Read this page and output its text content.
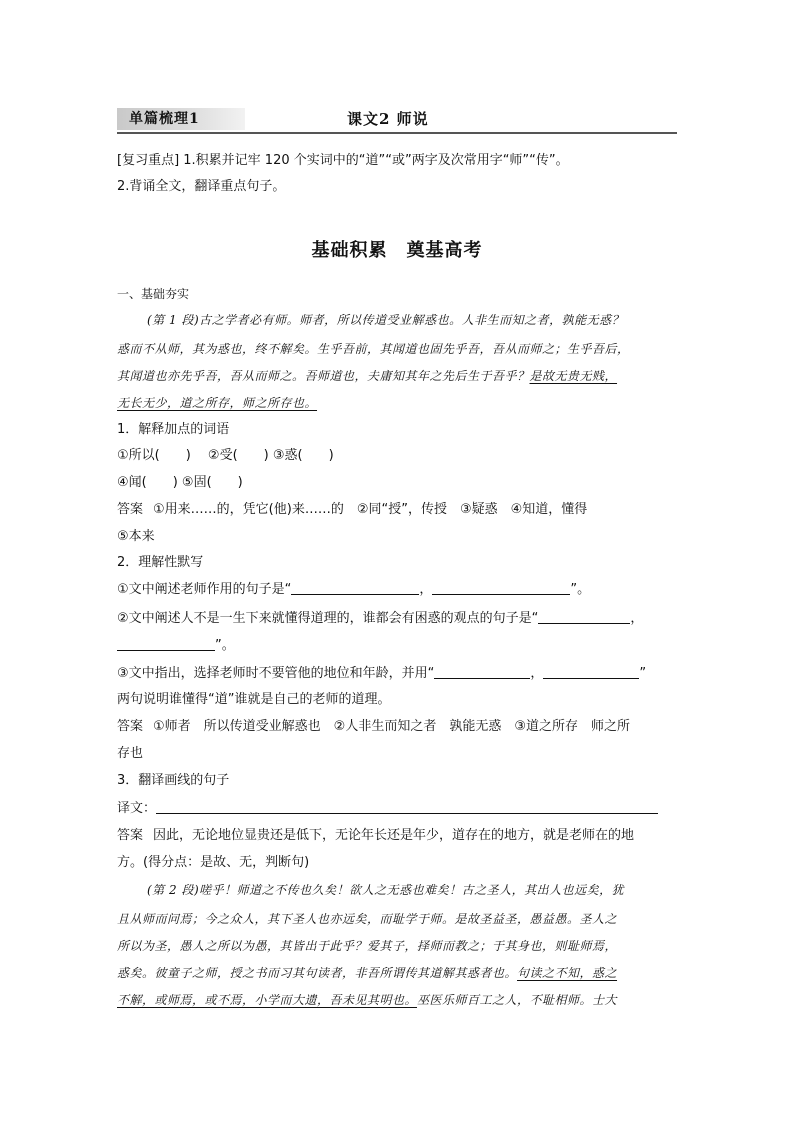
单篇梳理1	课文2 师说
[复习重点] 1.积累并记牢 120 个实词中的“道”“或”两字及次常用字“师”“传”。
2.背诵全文，翻译重点句子。
基础积累　奠基高考
一、基础夯实
(第 1 段)古之学者必有师。师者，所以传道受业解惑也。人非生而知之者，孰能无惑？
惑而不从师，其为惑也，终不解矣。生乎吾前，其闻道也固先乎吾，吾从而师之；生乎吾后，
其闻道也亦先乎吾，吾从而师之。吾师道也，夫庸知其年之先后生于吾乎？是故无贵无贱，
无长无少，道之所存，师之所存也。
1．解释加点的词语
①所以(　　)　 ②受(　　) ③惑(　　)
④闻(　　) ⑤固(　　)
答案 ①用来……的，凭它(他)来……的　②同“授”，传授　③疑惑　④知道，懂得
⑤本来
2．理解性默写
①文中阐述老师作用的句子是“	，	”。
②文中阐述人不是一生下来就懂得道理的，谁都会有困惑的观点的句子是“	，
”。
③文中指出，选择老师时不要管他的地位和年龄，并用“	，	”
两句说明谁懂得“道”谁就是自己的老师的道理。
答案 ①师者　所以传道受业解惑也　②人非生而知之者　孰能无惑　③道之所存　师之所
存也
3．翻译画线的句子
译文：
答案 因此，无论地位显贵还是低下，无论年长还是年少，道存在的地方，就是老师在的地
方。(得分点：是故、无，判断句)
(第 2 段)嗟乎！师道之不传也久矣！欲人之无惑也难矣！古之圣人，其出人也远矣，犹
且从师而问焉；今之众人，其下圣人也亦远矣，而耻学于师。是故圣益圣，愚益愚。圣人之
所以为圣，愚人之所以为愚，其皆出于此乎？爱其子，择师而教之；于其身也，则耻师焉，
惑矣。彼童子之师，授之书而习其句读者，非吾所谓传其道解其惑者也。句读之不知，惑之
不解，或师焉，或不焉，小学而大遗，吾未见其明也。巫医乐师百工之人，不耻相师。士大
